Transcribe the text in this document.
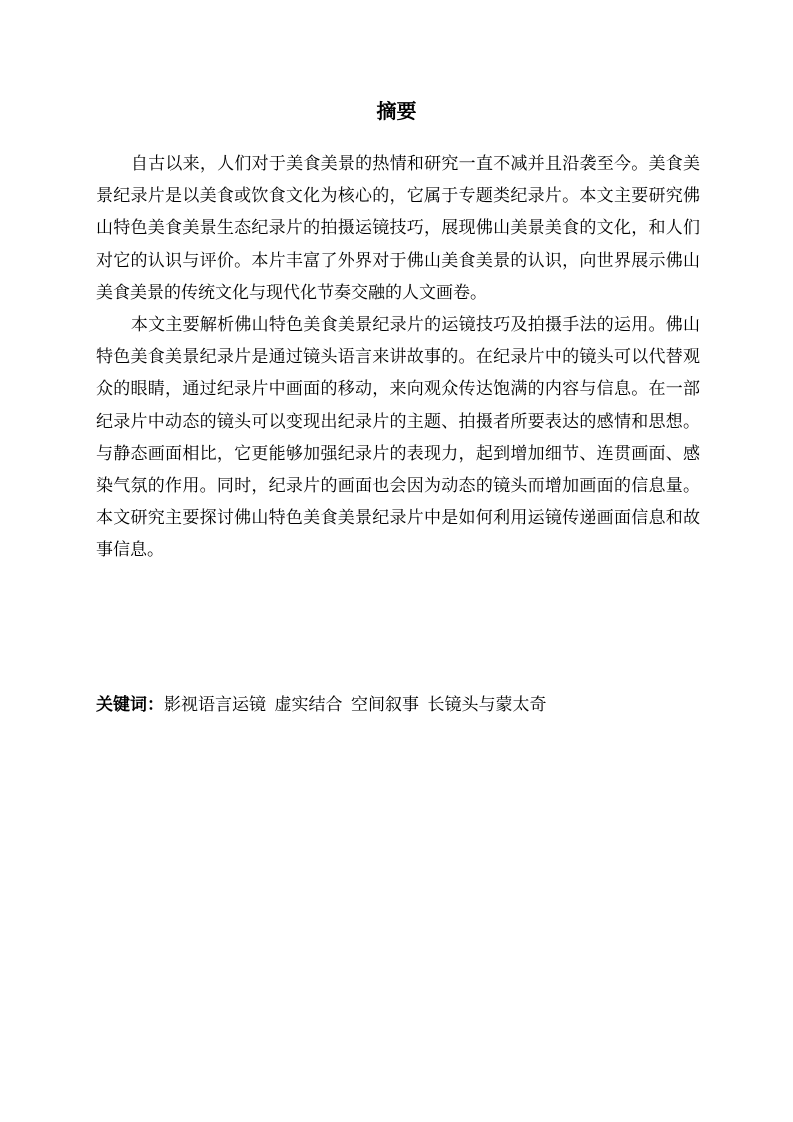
摘要

自古以来，人们对于美食美景的热情和研究一直不减并且沿袭至今。美食美景纪录片是以美食或饮食文化为核心的，它属于专题类纪录片。本文主要研究佛山特色美食美景生态纪录片的拍摄运镜技巧，展现佛山美景美食的文化，和人们对它的认识与评价。本片丰富了外界对于佛山美食美景的认识，向世界展示佛山美食美景的传统文化与现代化节奏交融的人文画卷。

本文主要解析佛山特色美食美景纪录片的运镜技巧及拍摄手法的运用。佛山特色美食美景纪录片是通过镜头语言来讲故事的。在纪录片中的镜头可以代替观众的眼睛，通过纪录片中画面的移动，来向观众传达饱满的内容与信息。在一部纪录片中动态的镜头可以变现出纪录片的主题、拍摄者所要表达的感情和思想。与静态画面相比，它更能够加强纪录片的表现力，起到增加细节、连贯画面、感染气氛的作用。同时，纪录片的画面也会因为动态的镜头而增加画面的信息量。本文研究主要探讨佛山特色美食美景纪录片中是如何利用运镜传递画面信息和故事信息。

关键词：影视语言运镜 虚实结合 空间叙事 长镜头与蒙太奇
